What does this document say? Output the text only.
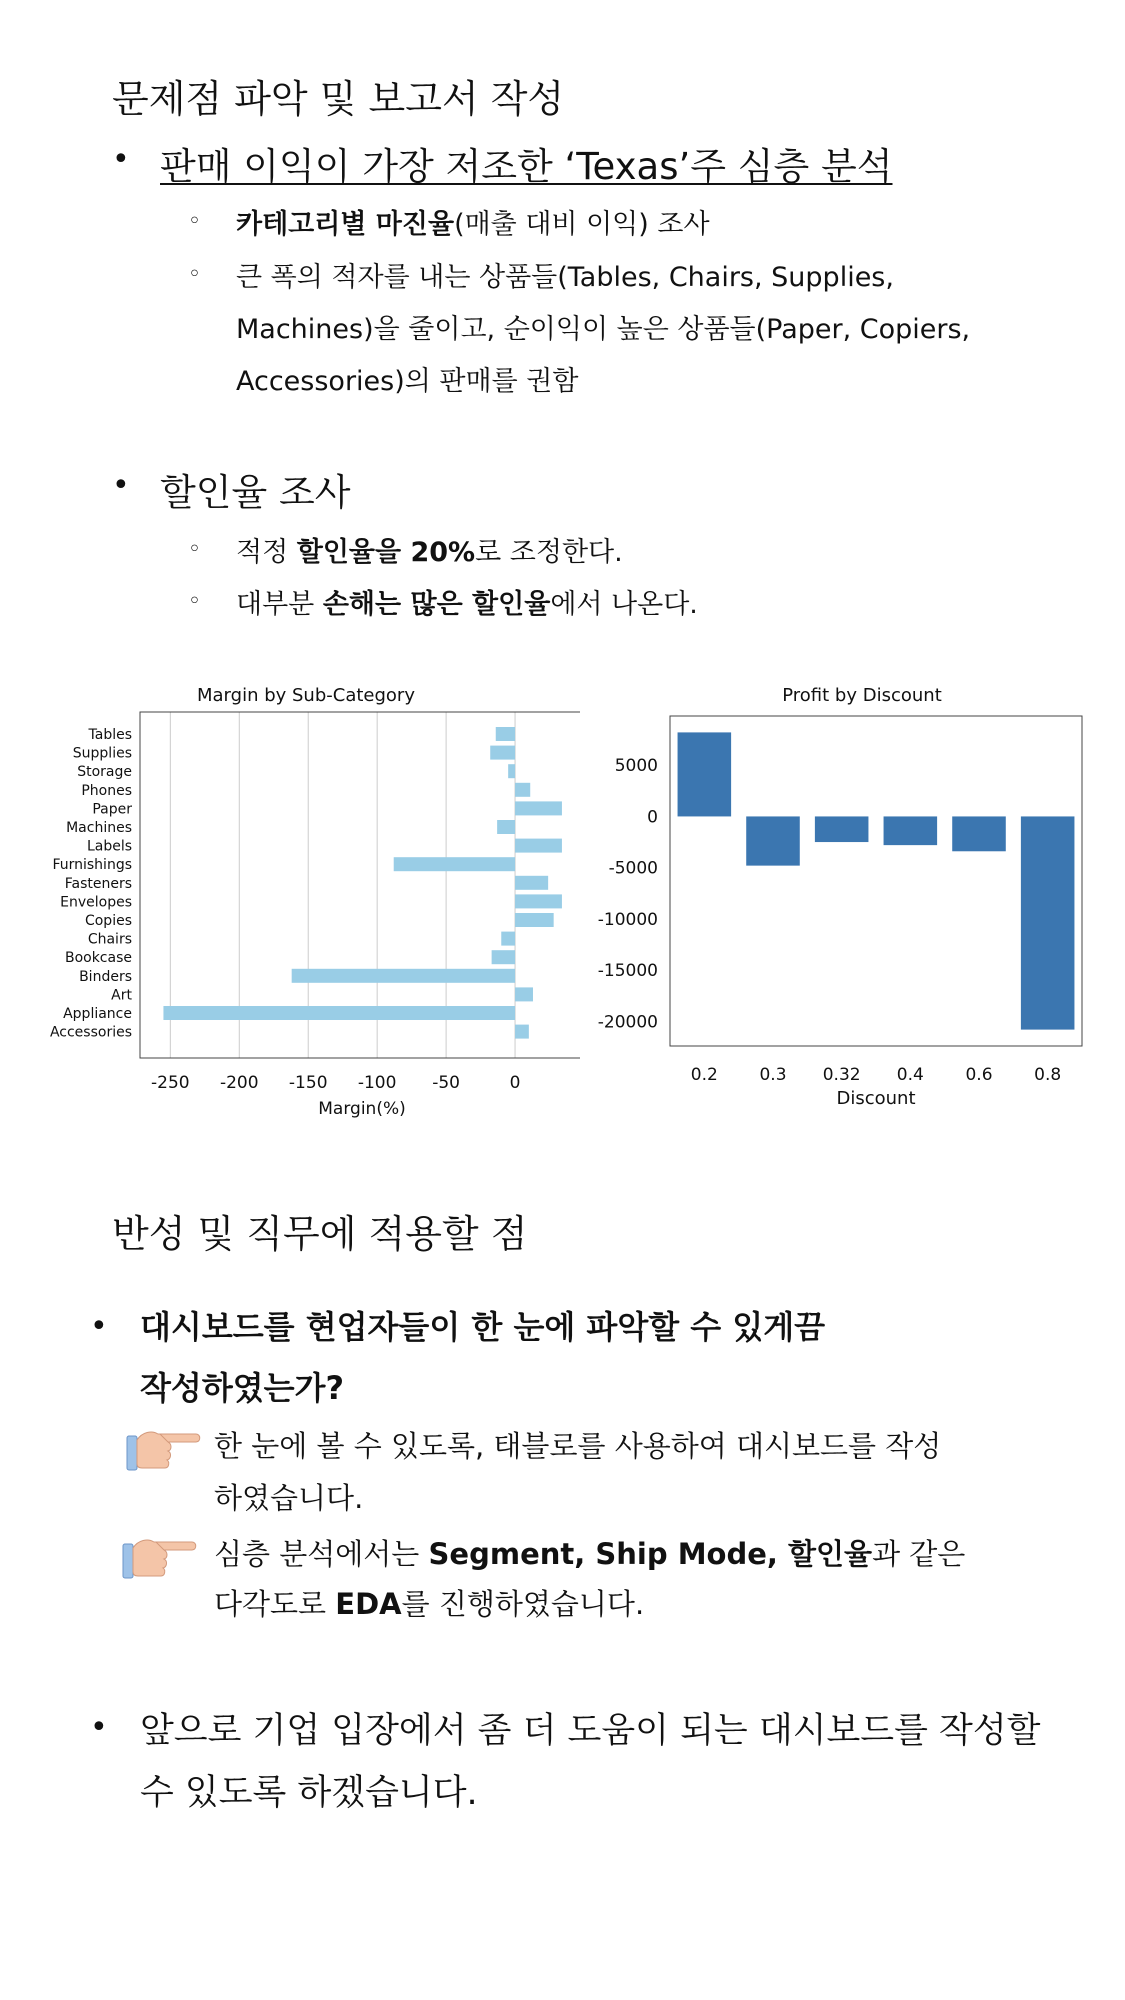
문제점 파악 및 보고서 작성
• 판매 이익이 가장 저조한 ‘Texas’주 심층 분석
◦ 카테고리별 마진율(매출 대비 이익) 조사
◦ 큰 폭의 적자를 내는 상품들(Tables, Chairs, Supplies,
Machines)을 줄이고, 순이익이 높은 상품들(Paper, Copiers,
Accessories)의 판매를 권함
• 할인율 조사
◦ 적정 할인율을 20%로 조정한다.
◦ 대부분 손해는 많은 할인율에서 나온다.
Margin by Sub-Category
-250 -200 -150 -100 -50	0
Tables
Supplies
Storage
Phones
Paper
Machines
Labels
Furnishings
Fasteners
Envelopes
Copies
Chairs
Bookcase
Binders
Art
Appliance
Accessories
Margin(%)
Profit by Discount
5000
0
-5000
-10000
-15000
-20000
0.2 0.3 0.32 0.4 0.6 0.8
Discount
반성 및 직무에 적용할 점
• 대시보드를 현업자들이 한 눈에 파악할 수 있게끔
작성하였는가?
한 눈에 볼 수 있도록, 태블로를 사용하여 대시보드를 작성
하였습니다.
심층 분석에서는 Segment, Ship Mode, 할인율과 같은
다각도로 EDA를 진행하였습니다.
• 앞으로 기업 입장에서 좀 더 도움이 되는 대시보드를 작성할
수 있도록 하겠습니다.
